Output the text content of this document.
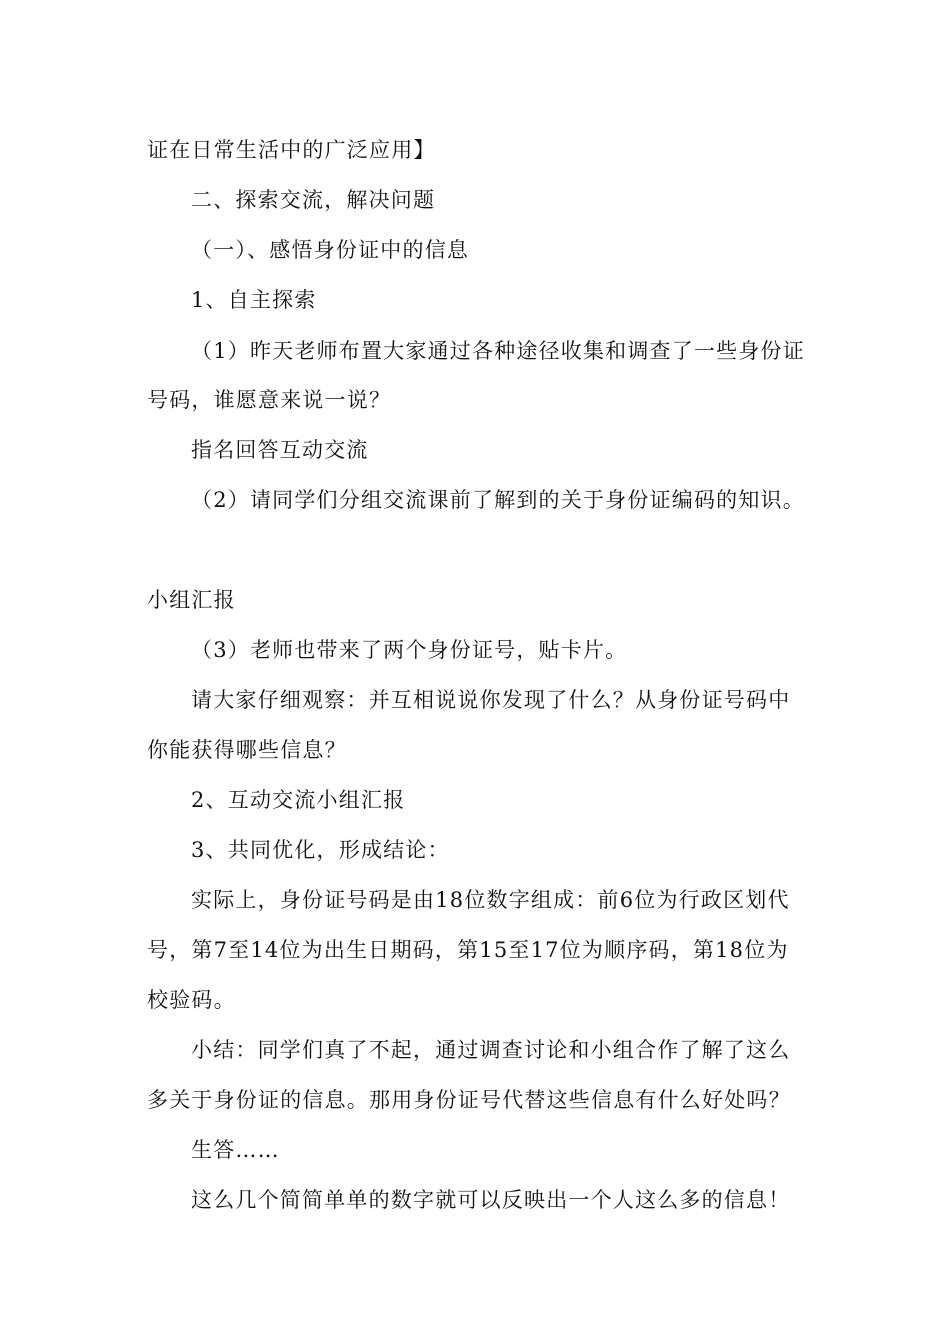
证在日常生活中的广泛应用】

二、探索交流，解决问题

（一）、感悟身份证中的信息

1、自主探索

（1）昨天老师布置大家通过各种途径收集和调查了一些身份证

号码，谁愿意来说一说？

指名回答互动交流

（2）请同学们分组交流课前了解到的关于身份证编码的知识。

小组汇报

（3）老师也带来了两个身份证号，贴卡片。

请大家仔细观察：并互相说说你发现了什么？从身份证号码中

你能获得哪些信息？

2、互动交流小组汇报

3、共同优化，形成结论：

实际上，身份证号码是由18位数字组成：前6位为行政区划代

号，第7至14位为出生日期码，第15至17位为顺序码，第18位为

校验码。

小结：同学们真了不起，通过调查讨论和小组合作了解了这么

多关于身份证的信息。那用身份证号代替这些信息有什么好处吗？

生答……

这么几个简简单单的数字就可以反映出一个人这么多的信息！
